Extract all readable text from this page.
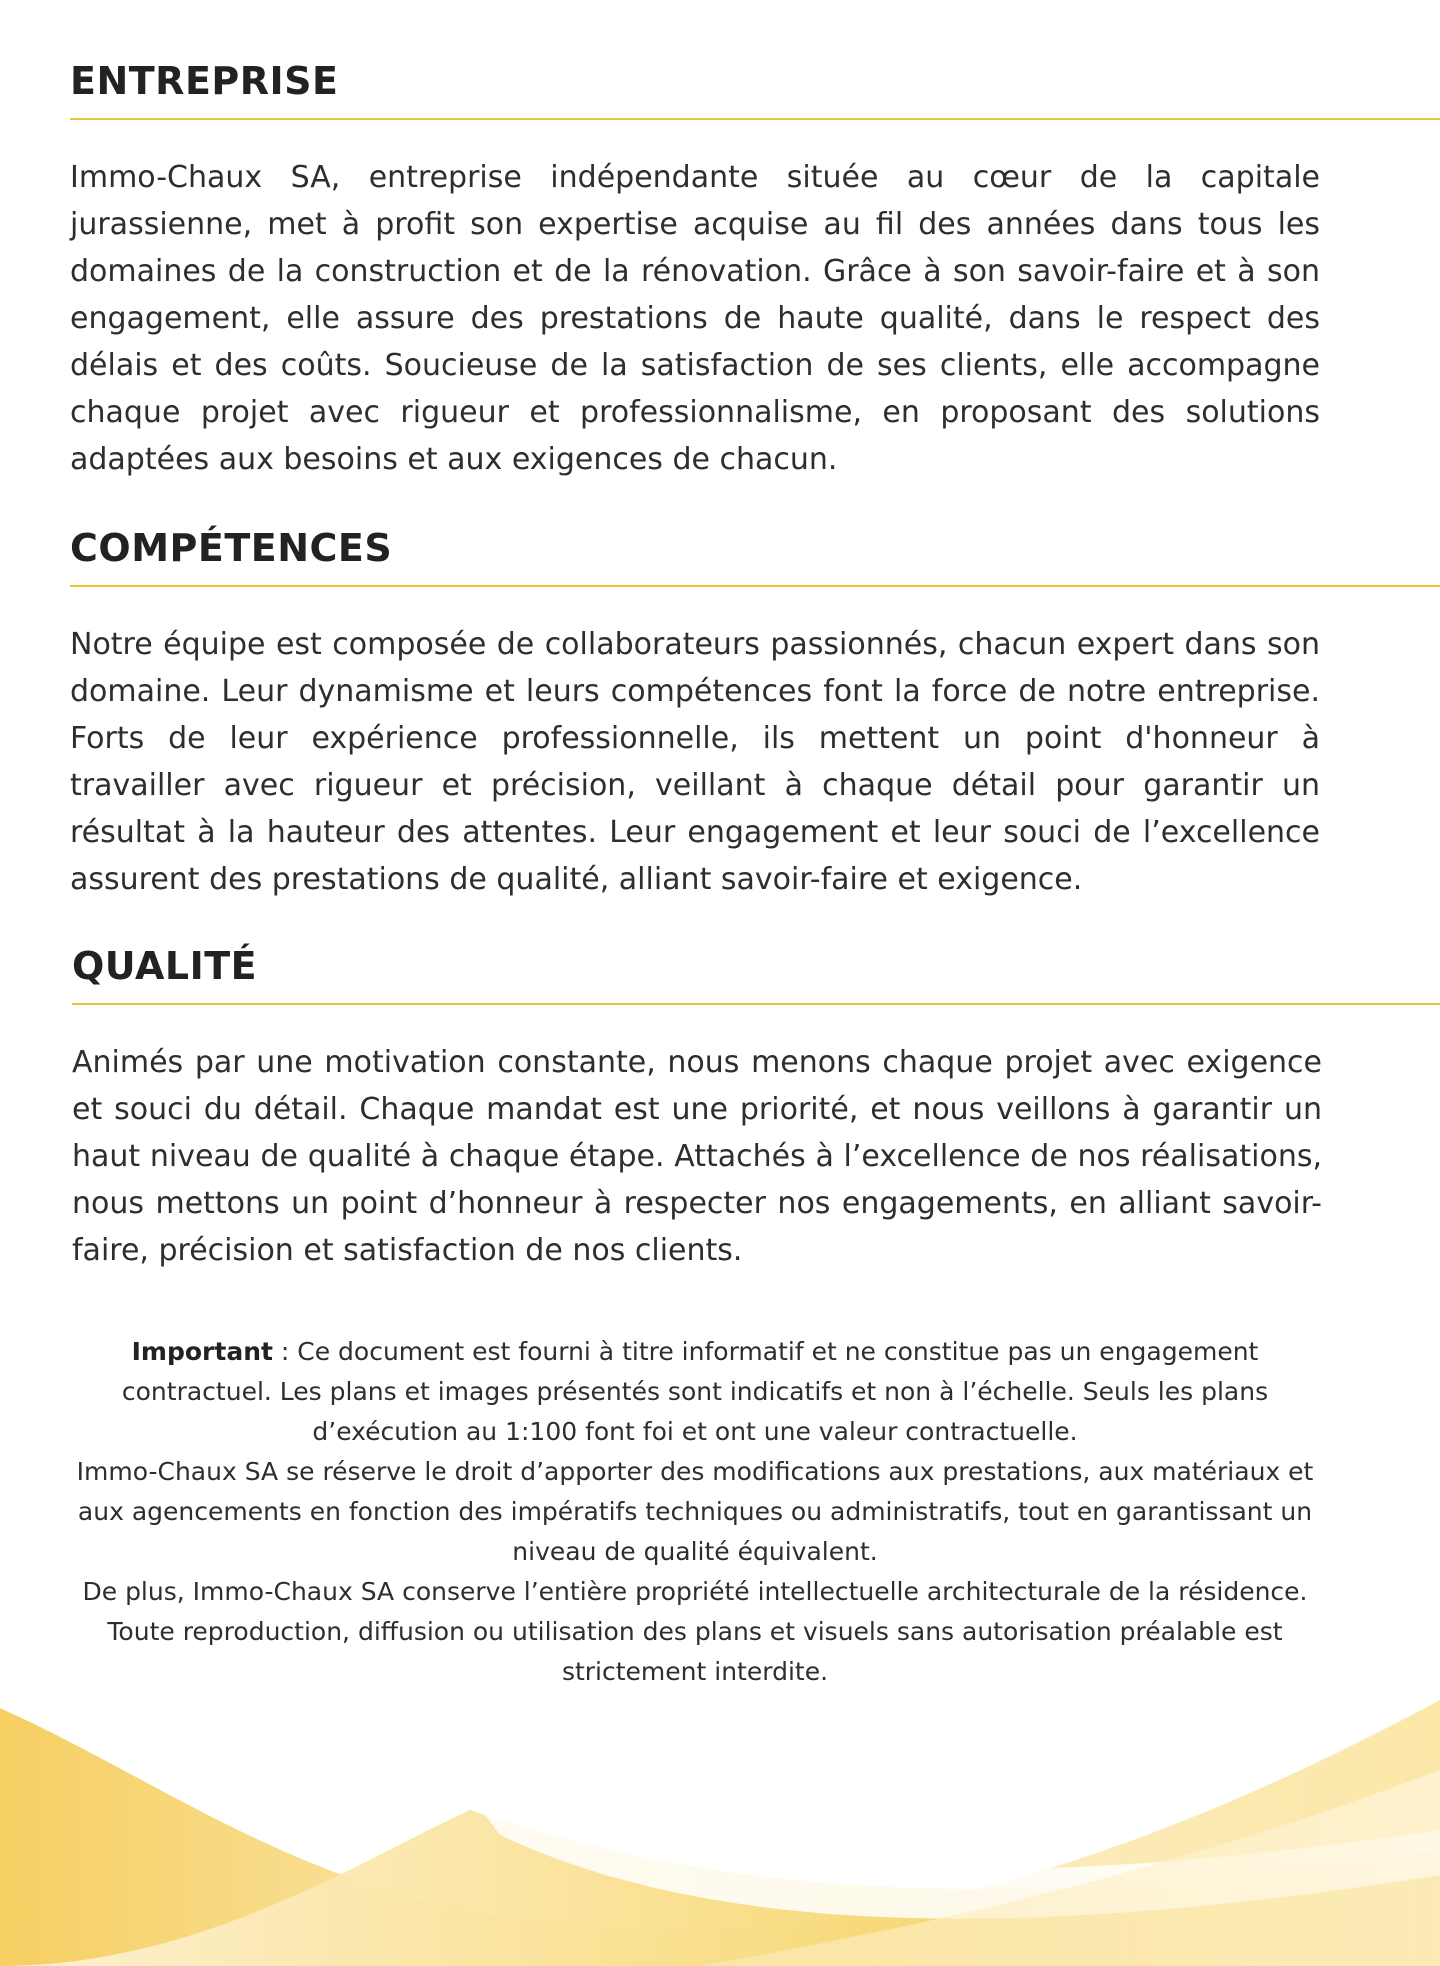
ENTREPRISE

Immo-Chaux SA, entreprise indépendante située au cœur de la capitale jurassienne, met à profit son expertise acquise au fil des années dans tous les domaines de la construction et de la rénovation. Grâce à son savoir-faire et à son engagement, elle assure des prestations de haute qualité, dans le respect des délais et des coûts. Soucieuse de la satisfaction de ses clients, elle accompagne chaque projet avec rigueur et professionnalisme, en proposant des solutions adaptées aux besoins et aux exigences de chacun.

COMPÉTENCES

Notre équipe est composée de collaborateurs passionnés, chacun expert dans son domaine. Leur dynamisme et leurs compétences font la force de notre entreprise. Forts de leur expérience professionnelle, ils mettent un point d'honneur à travailler avec rigueur et précision, veillant à chaque détail pour garantir un résultat à la hauteur des attentes. Leur engagement et leur souci de l’excellence assurent des prestations de qualité, alliant savoir-faire et exigence.

QUALITÉ

Animés par une motivation constante, nous menons chaque projet avec exigence et souci du détail. Chaque mandat est une priorité, et nous veillons à garantir un haut niveau de qualité à chaque étape. Attachés à l’excellence de nos réalisations, nous mettons un point d’honneur à respecter nos engagements, en alliant savoir-faire, précision et satisfaction de nos clients.

Important : Ce document est fourni à titre informatif et ne constitue pas un engagement contractuel. Les plans et images présentés sont indicatifs et non à l’échelle. Seuls les plans d’exécution au 1:100 font foi et ont une valeur contractuelle.

Immo-Chaux SA se réserve le droit d’apporter des modifications aux prestations, aux matériaux et aux agencements en fonction des impératifs techniques ou administratifs, tout en garantissant un niveau de qualité équivalent.

De plus, Immo-Chaux SA conserve l’entière propriété intellectuelle architecturale de la résidence. Toute reproduction, diffusion ou utilisation des plans et visuels sans autorisation préalable est strictement interdite.
